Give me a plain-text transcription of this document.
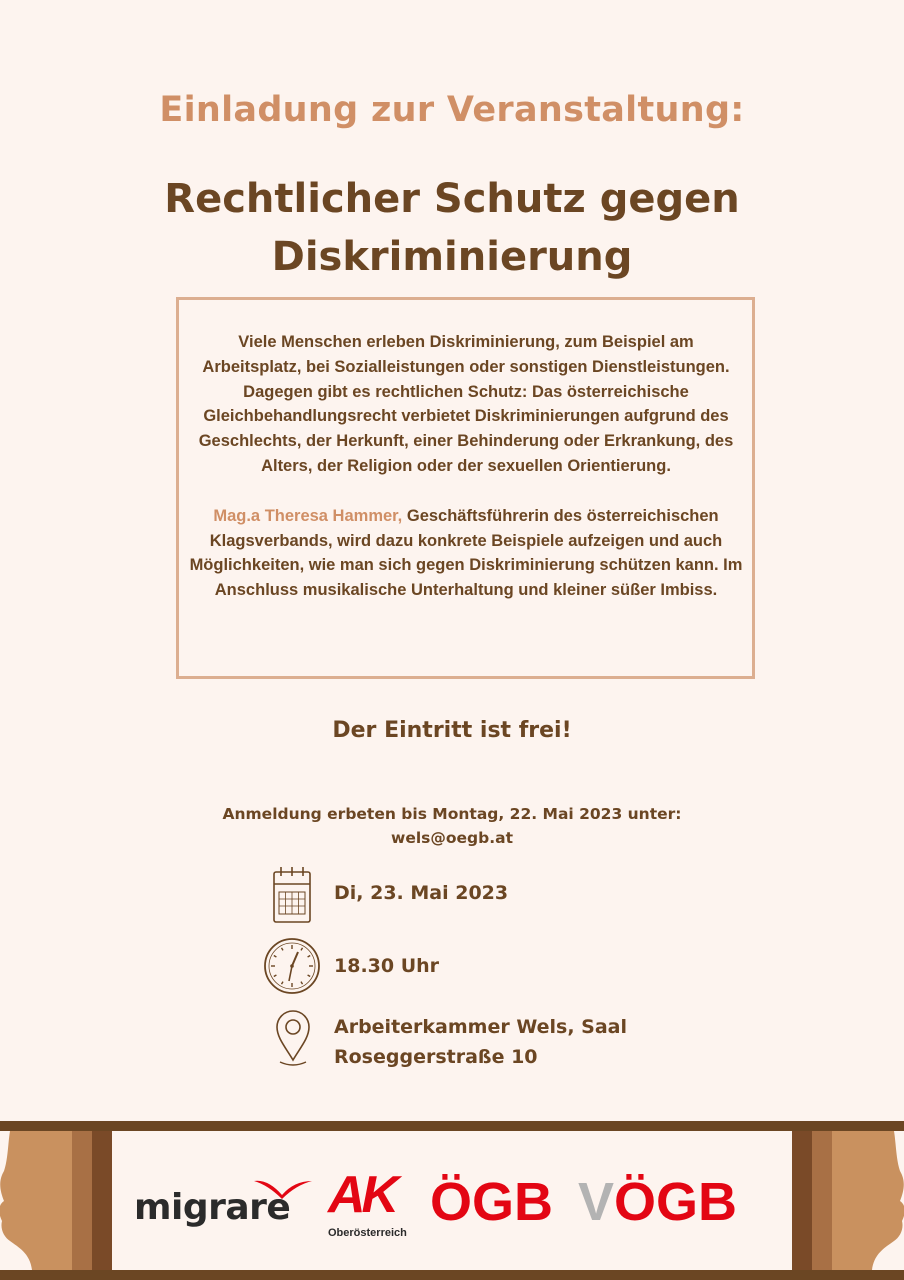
Einladung zur Veranstaltung:
Rechtlicher Schutz gegen
Diskriminierung

Viele Menschen erleben Diskriminierung, zum Beispiel am Arbeitsplatz, bei Sozialleistungen oder sonstigen Dienstleistungen. Dagegen gibt es rechtlichen Schutz: Das österreichische Gleichbehandlungsrecht verbietet Diskriminierungen aufgrund des Geschlechts, der Herkunft, einer Behinderung oder Erkrankung, des Alters, der Religion oder der sexuellen Orientierung.

Mag.a Theresa Hammer, Geschäftsführerin des österreichischen Klagsverbands, wird dazu konkrete Beispiele aufzeigen und auch Möglichkeiten, wie man sich gegen Diskriminierung schützen kann. Im Anschluss musikalische Unterhaltung und kleiner süßer Imbiss.

Der Eintritt ist frei!
Anmeldung erbeten bis Montag, 22. Mai 2023 unter:
wels@oegb.at
Di, 23. Mai 2023
18.30 Uhr
Arbeiterkammer Wels, Saal
Roseggerstraße 10
migrare AK
Oberösterreich
ÖGB VÖGB
